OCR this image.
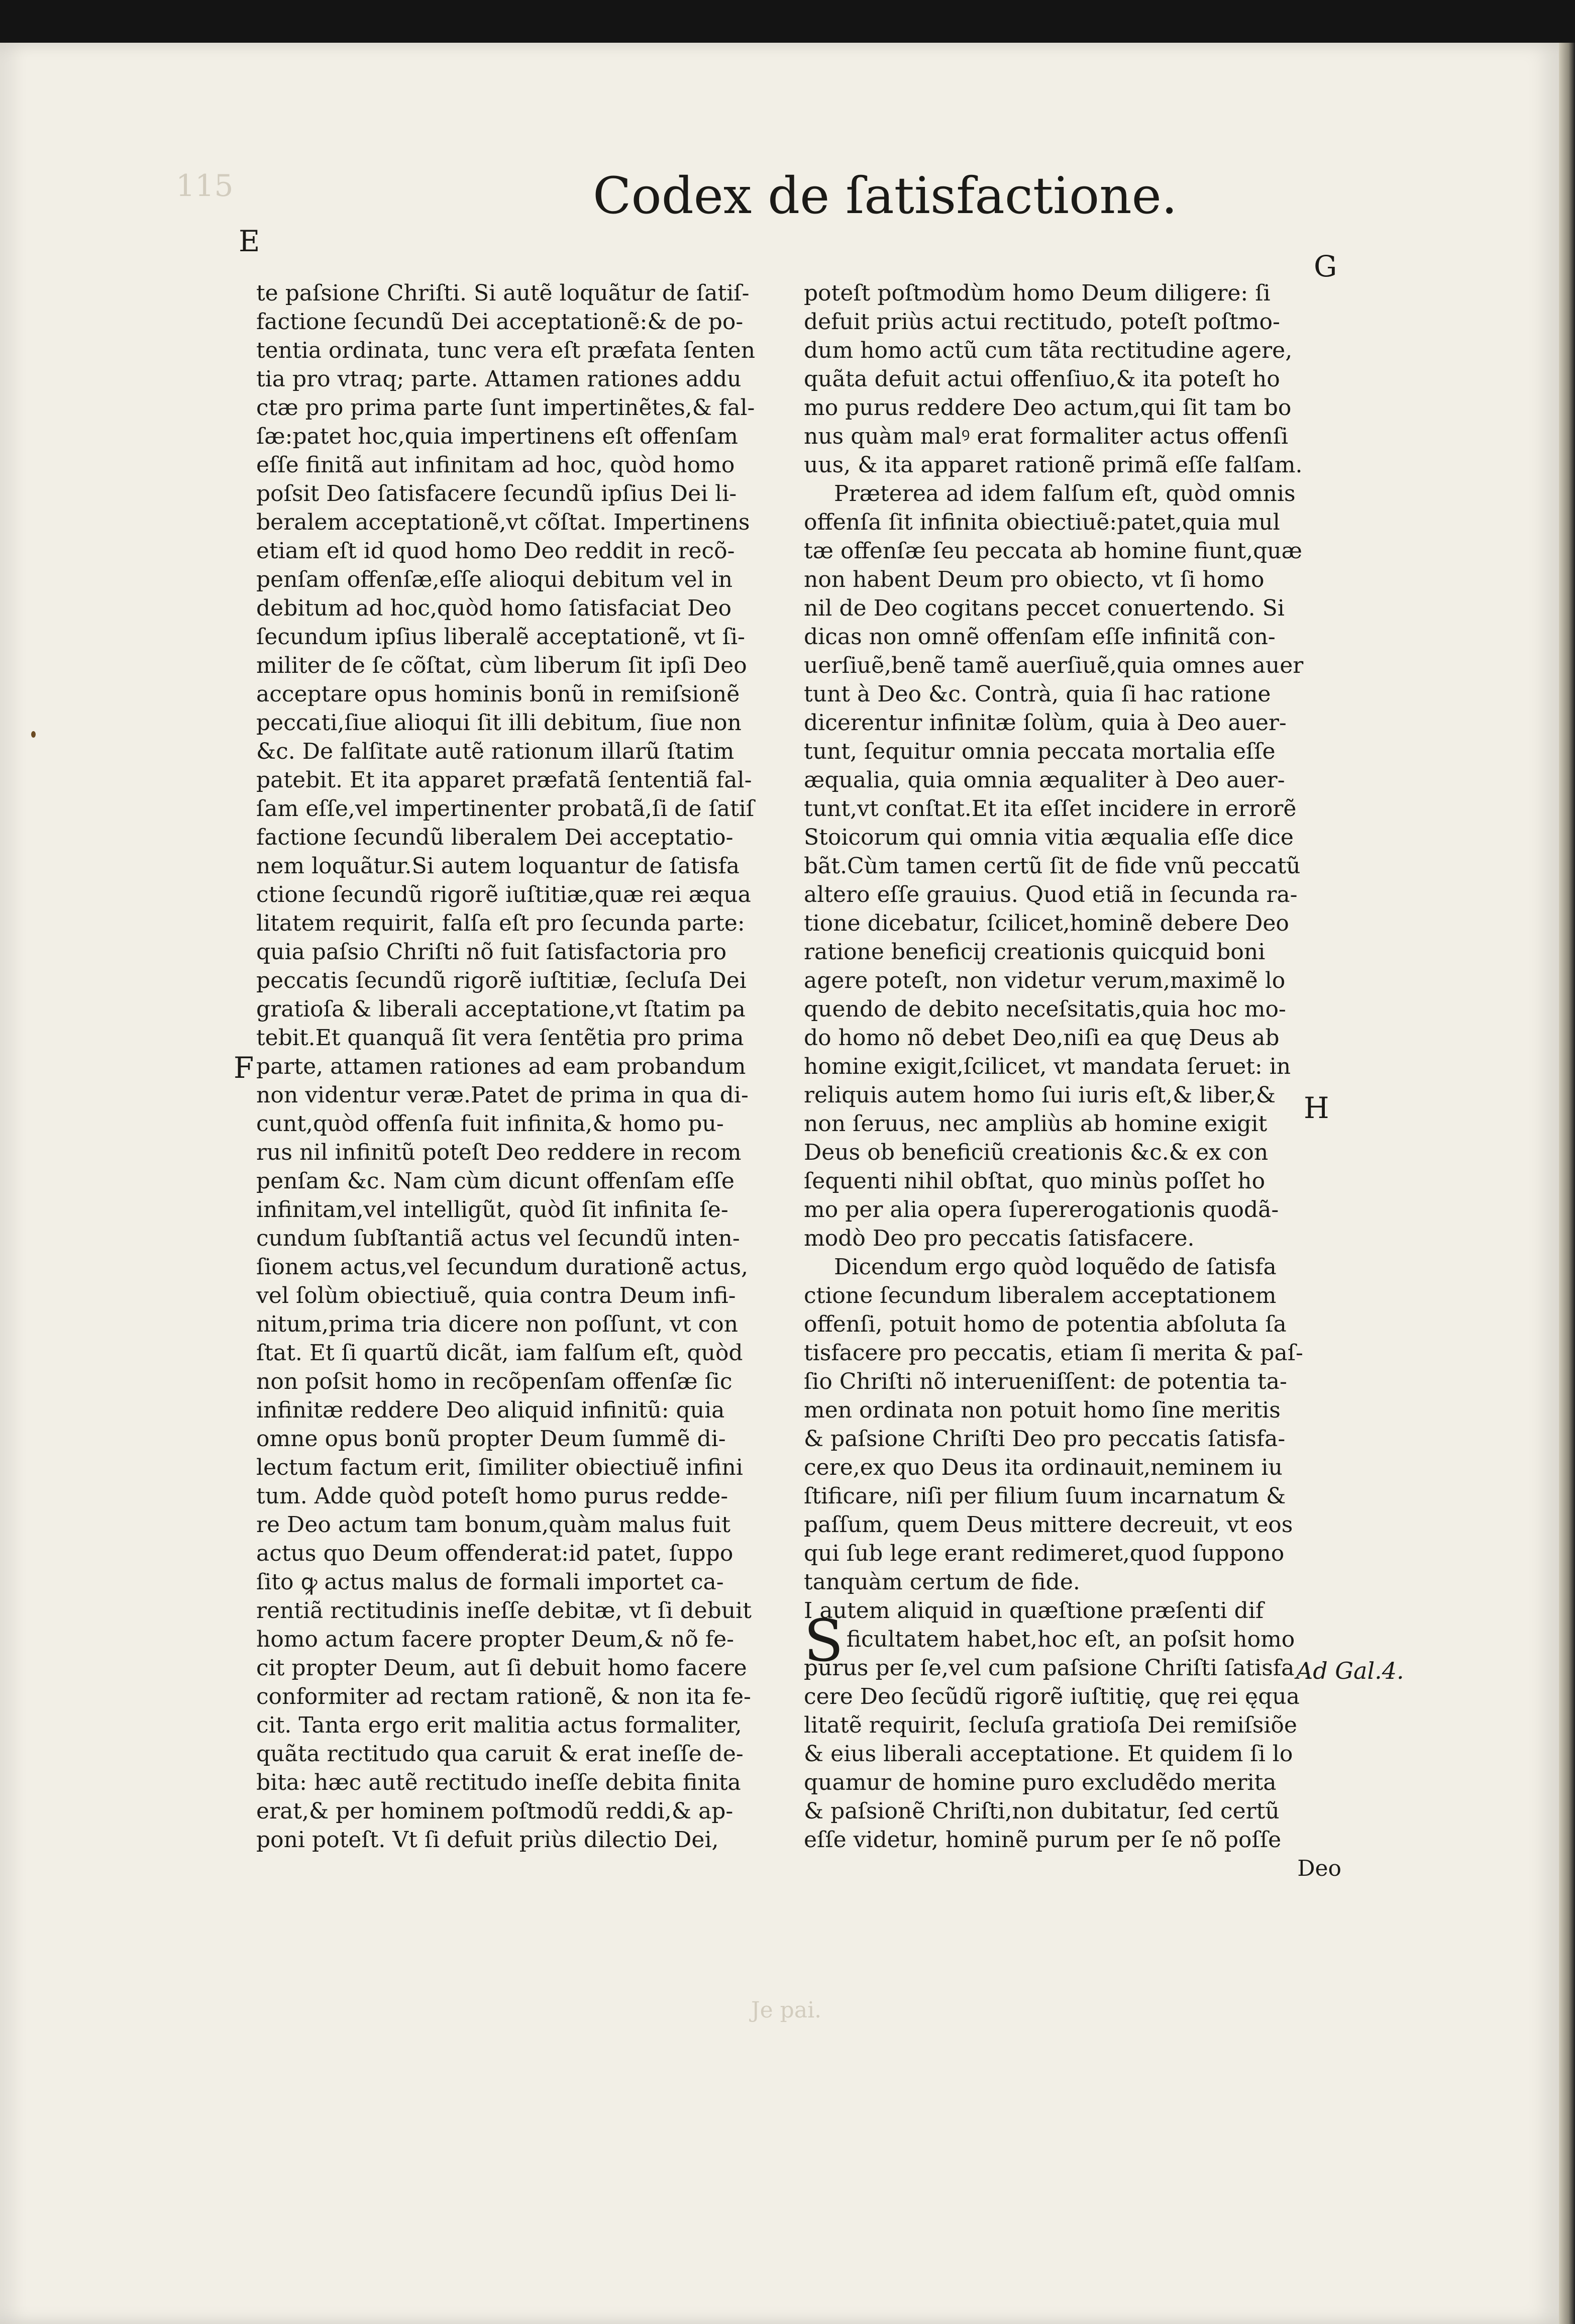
Codex de ſatisfactione.
115
Je pai.
E
F
G
H
Ad Gal.4.
te paſsione Chriſti. Si autẽ loquãtur de ſatiſ-
factione ſecundũ Dei acceptationẽ:& de po-
tentia ordinata, tunc vera eſt præfata ſenten
tia pro vtraq; parte. Attamen rationes addu
ctæ pro prima parte ſunt impertinẽtes,& fal-
ſæ:patet hoc,quia impertinens eſt offenſam
eſſe finitã aut infinitam ad hoc, quòd homo
poſsit Deo ſatisfacere ſecundũ ipſius Dei li-
beralem acceptationẽ,vt cõſtat. Impertinens
etiam eſt id quod homo Deo reddit in recõ-
penſam offenſæ,eſſe alioqui debitum vel in
debitum ad hoc,quòd homo ſatisfaciat Deo
ſecundum ipſius liberalẽ acceptationẽ, vt ſi-
militer de ſe cõſtat, cùm liberum ſit ipſi Deo
acceptare opus hominis bonũ in remiſsionẽ
peccati,ſiue alioqui ſit illi debitum, ſiue non
&c. De falſitate autẽ rationum illarũ ſtatim
patebit. Et ita apparet præfatã ſententiã fal-
ſam eſſe,vel impertinenter probatã,ſi de ſatiſ
factione ſecundũ liberalem Dei acceptatio-
nem loquãtur.Si autem loquantur de ſatisfa
ctione ſecundũ rigorẽ iuſtitiæ,quæ rei æqua
litatem requirit, falſa eſt pro ſecunda parte:
quia paſsio Chriſti nõ fuit ſatisfactoria pro
peccatis ſecundũ rigorẽ iuſtitiæ, ſecluſa Dei
gratioſa & liberali acceptatione,vt ſtatim pa
tebit.Et quanquã ſit vera ſentẽtia pro prima
parte, attamen rationes ad eam probandum
non videntur veræ.Patet de prima in qua di-
cunt,quòd offenſa fuit infinita,& homo pu-
rus nil infinitũ poteſt Deo reddere in recom
penſam &c. Nam cùm dicunt offenſam eſſe
infinitam,vel intelligũt, quòd ſit infinita ſe-
cundum ſubſtantiã actus vel ſecundũ inten-
ſionem actus,vel ſecundum durationẽ actus,
vel ſolùm obiectiuẽ, quia contra Deum infi-
nitum,prima tria dicere non poſſunt, vt con
ſtat. Et ſi quartũ dicãt, iam falſum eſt, quòd
non poſsit homo in recõpenſam offenſæ ſic
infinitæ reddere Deo aliquid infinitũ: quia
omne opus bonũ propter Deum ſummẽ di-
lectum factum erit, ſimiliter obiectiuẽ infini
tum. Adde quòd poteſt homo purus redde-
re Deo actum tam bonum,quàm malus fuit
actus quo Deum offenderat:id patet, ſuppo
ſito ꝙ actus malus de formali importet ca-
rentiã rectitudinis ineſſe debitæ, vt ſi debuit
homo actum facere propter Deum,& nõ fe-
cit propter Deum, aut ſi debuit homo facere
conformiter ad rectam rationẽ, & non ita fe-
cit. Tanta ergo erit malitia actus formaliter,
quãta rectitudo qua caruit & erat ineſſe de-
bita: hæc autẽ rectitudo ineſſe debita finita
erat,& per hominem poſtmodũ reddi,& ap-
poni poteſt. Vt ſi defuit priùs dilectio Dei,
poteſt poſtmodùm homo Deum diligere: ſi
defuit priùs actui rectitudo, poteſt poſtmo-
dum homo actũ cum tãta rectitudine agere,
quãta defuit actui offenſiuo,& ita poteſt ho
mo purus reddere Deo actum,qui ſit tam bo
nus quàm malꝰ erat formaliter actus offenſi
uus, & ita apparet rationẽ primã eſſe falſam.
Præterea ad idem falſum eſt, quòd omnis
offenſa ſit infinita obiectiuẽ:patet,quia mul
tæ offenſæ ſeu peccata ab homine fiunt,quæ
non habent Deum pro obiecto, vt ſi homo
nil de Deo cogitans peccet conuertendo. Si
dicas non omnẽ offenſam eſſe infinitã con-
uerſiuẽ,benẽ tamẽ auerſiuẽ,quia omnes auer
tunt à Deo &c. Contrà, quia ſi hac ratione
dicerentur infinitæ ſolùm, quia à Deo auer-
tunt, ſequitur omnia peccata mortalia eſſe
æqualia, quia omnia æqualiter à Deo auer-
tunt,vt conſtat.Et ita eſſet incidere in errorẽ
Stoicorum qui omnia vitia æqualia eſſe dice
bãt.Cùm tamen certũ ſit de fide vnũ peccatũ
altero eſſe grauius. Quod etiã in ſecunda ra-
tione dicebatur, ſcilicet,hominẽ debere Deo
ratione beneficij creationis quicquid boni
agere poteſt, non videtur verum,maximẽ lo
quendo de debito neceſsitatis,quia hoc mo-
do homo nõ debet Deo,niſi ea quę Deus ab
homine exigit,ſcilicet, vt mandata ſeruet: in
reliquis autem homo ſui iuris eſt,& liber,&
non ſeruus, nec ampliùs ab homine exigit
Deus ob beneficiũ creationis &c.& ex con
ſequenti nihil obſtat, quo minùs poſſet ho
mo per alia opera ſupererogationis quodã-
modò Deo pro peccatis ſatisfacere.
Dicendum ergo quòd loquẽdo de ſatisfa
ctione ſecundum liberalem acceptationem
offenſi, potuit homo de potentia abſoluta ſa
tisfacere pro peccatis, etiam ſi merita & paſ-
ſio Chriſti nõ interueniſſent: de potentia ta-
men ordinata non potuit homo ſine meritis
& paſsione Chriſti Deo pro peccatis ſatisfa-
cere,ex quo Deus ita ordinauit,neminem iu
ſtificare, niſi per filium ſuum incarnatum &
paſſum, quem Deus mittere decreuit, vt eos
qui ſub lege erant redimeret,quod ſuppono
tanquàm certum de fide.
I autem aliquid in quæſtione præſenti dif
Sficultatem habet,hoc eſt, an poſsit homo
purus per ſe,vel cum paſsione Chriſti ſatisfa
cere Deo ſecũdũ rigorẽ iuſtitię, quę rei ęqua
litatẽ requirit, ſecluſa gratioſa Dei remiſsiõe
& eius liberali acceptatione. Et quidem ſi lo
quamur de homine puro excludẽdo merita
& paſsionẽ Chriſti,non dubitatur, ſed certũ
eſſe videtur, hominẽ purum per ſe nõ poſſe
Deo
